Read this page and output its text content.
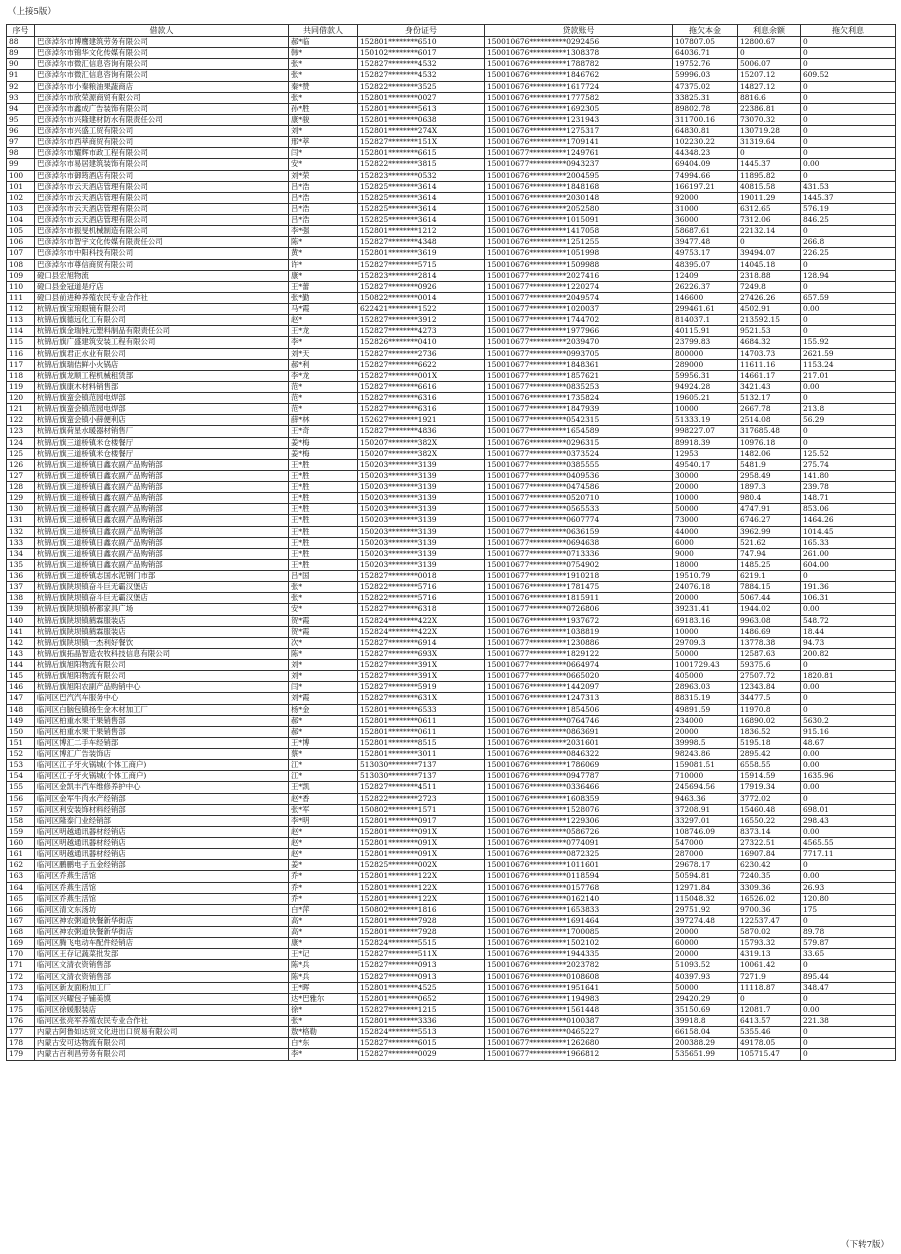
（上接5版）
序号	借款人	共同借款人	身份证号	贷款账号	拖欠本金	利息余额	拖欠利息
88	巴彦淖尔市博鹰建筑劳务有限公司	郝*临	152801********6510	150010676**********0292456	107807.05	12800.67	0
89	巴彦淖尔市锦华文化传媒有限公司	韩*	150102********6017	150010676**********1308378	64036.71	0	0
90	巴彦淖尔市微汇信息咨询有限公司	张*	152827********4532	150010676**********1788782	19752.76	5006.07	0
91	巴彦淖尔市微汇信息咨询有限公司	张*	152827********4532	150010676**********1846762	59996.03	15207.12	609.52
92	巴彦淖尔市小秦粮油果蔬商店	秦*赞	152822********3525	150010676**********1617724	47375.02	14827.12	0
93	巴彦淖尔市欣荣源商贸有限公司	张*	152801********0027	150010676**********1777582	33825.31	8816.6	0
94	巴彦淖尔市鑫成广告装饰有限公司	孙*胜	152801********5613	150010676**********1692305	89802.78	22386.81	0
95	巴彦淖尔市兴隆建材防水有限责任公司	康*骏	152801********0638	150010676**********1231943	311700.16	73070.32	0
96	巴彦淖尔市兴盛工贸有限公司	刘*	152801********274X	150010676**********1275317	64830.81	130719.28	0
97	巴彦淖尔市西萃商贸有限公司	邢*萃	152827********151X	150010676**********1709141	102230.22	31319.64	0
98	巴彦淖尔市耀辉市政工程有限公司	闫*	152801********6615	150010677**********1249761	44348.23	0	0
99	巴彦淖尔市易居建筑装饰有限公司	安*	152822********3815	150010677**********0943237	69404.09	1445.37	0.00
100	巴彦淖尔市御筠酒店有限公司	刘*荣	152823********0532	150010676**********2004595	74994.66	11895.82	0
101	巴彦淖尔市云天酒店管理有限公司	吕*浩	152825********3614	150010676**********1848168	166197.21	40815.58	431.53
102	巴彦淖尔市云天酒店管理有限公司	吕*浩	152825********3614	150010676**********2030148	92000	19011.29	1445.37
103	巴彦淖尔市云天酒店管理有限公司	吕*浩	152825********3614	150010676**********2052580	31000	6312.65	576.19
104	巴彦淖尔市云天酒店管理有限公司	吕*浩	152825********3614	150010676**********1015091	36000	7312.06	846.25
105	巴彦淖尔市振旻机械制造有限公司	李*强	152801********1212	150010676**********1417058	58687.61	22132.14	0
106	巴彦淖尔市智宇文化传媒有限责任公司	陈*	152827********4348	150010676**********1251255	39477.48	0	266.8
107	巴彦淖尔市中阳科技有限公司	黄*	152801********3619	150010676**********1051998	49753.17	39494.07	226.25
108	巴彦淖尔市尊信商贸有限公司	许*	152827********5715	150010676**********1509988	48395.07	14045.18	0
109	磴口县宏旭物流	康*	152823********2814	150010677**********2027416	12409	2318.88	128.94
110	磴口县金冠道是疗店	王*蕾	152827********0926	150010677**********1220274	26226.37	7249.8	0
111	磴口县前进种养殖农民专业合作社	张*勤	150822********0014	150010677**********2049574	146600	27426.26	657.59
112	杭锦后旗宝琅眼镜有限公司	马*霞	622421********1522	150010677**********1020037	299461.61	4502.91	0.00
113	杭锦后旗德远化工有限公司	赵*	152827********3912	150010677**********1744702	814037.1	213592.15	0
114	杭锦后旗金瑞钝元塑料制品有限责任公司	王*龙	152827********4273	150010677**********1977966	40115.91	9521.53	0
115	杭锦后旗广盛建筑安装工程有限公司	李*	152826********0410	150010677**********2039470	23799.83	4684.32	155.92
116	杭锦后旗君正水业有限公司	刘*天	152827********2736	150010677**********0993705	800000	14703.73	2621.59
117	杭锦后旗瑞佶鲜小火锅店	郝*利	152827********6622	150010677**********1848361	289000	11611.16	1153.24
118	杭锦后旗龙顺工程机械租赁部	李*龙	152827********001X	150010677**********1857621	59956.31	14661.17	217.01
119	杭锦后旗康木材料销售部	范*	152827********6616	150010677**********0835253	94924.28	3421.43	0.00
120	杭锦后旗蛮会镇范园电焊部	范*	152827********6316	150010676**********1735824	19605.21	5132.17	0
121	杭锦后旗蛮会镇范园电焊部	范*	152827********6316	150010677**********1847939	10000	2667.78	213.8
122	杭锦后旗蛮会镇小薛便利店	薛*林	152627********1921	150010677**********0542315	51333.19	2514.08	56.29
123	杭锦后旗荷星水暖器材销售厂	王*奇	152827********4836	150010677**********1654589	998227.07	317685.48	0
124	杭锦后旗三道桥镇米仓楼餐厅	姜*梅	150207********382X	150010676**********0296315	89918.39	10976.18	0
125	杭锦后旗三道桥镇米仓楼餐厅	姜*梅	150207********382X	150010677**********0373524	12953	1482.06	125.52
126	杭锦后旗三道桥镇日鑫农副产品购销部	王*胜	150203********3139	150010677**********0385555	49540.17	5481.9	275.74
127	杭锦后旗三道桥镇日鑫农副产品购销部	王*胜	150203********3139	150010677**********0409536	30000	2958.49	141.80
128	杭锦后旗三道桥镇日鑫农副产品购销部	王*胜	150203********3139	150010677**********0474586	20000	1897.3	239.78
129	杭锦后旗三道桥镇日鑫农副产品购销部	王*胜	150203********3139	150010677**********0520710	10000	980.4	148.71
130	杭锦后旗三道桥镇日鑫农副产品购销部	王*胜	150203********3139	150010677**********0565533	50000	4747.91	853.06
131	杭锦后旗三道桥镇日鑫农副产品购销部	王*胜	150203********3139	150010677**********0607774	73000	6746.27	1464.26
132	杭锦后旗三道桥镇日鑫农副产品购销部	王*胜	150203********3139	150010677**********0636159	44000	3962.99	1014.45
133	杭锦后旗三道桥镇日鑫农副产品购销部	王*胜	150203********3139	150010677**********0694638	6000	521.62	165.33
134	杭锦后旗三道桥镇日鑫农副产品购销部	王*胜	150203********3139	150010677**********0713336	9000	747.94	261.00
135	杭锦后旗三道桥镇日鑫农副产品购销部	王*胜	150203********3139	150010677**********0754902	18000	1485.25	604.00
136	杭锦后旗三道桥镇志国水泥钢门市部	吕*国	152827********0018	150010677**********1910218	19510.79	6219.1	0
137	杭锦后旗陕坝镇奋斗巨无霸汉堡店	张*	152822********5716	150010676**********1781475	24076.18	7884.15	191.36
138	杭锦后旗陕坝镇奋斗巨无霸汉堡店	张*	152822********5716	150010676**********1815911	20000	5067.44	106.31
139	杭锦后旗陕坝镇桥都家具广场	安*	152827********6318	150010677**********0726806	39231.41	1944.02	0.00
140	杭锦后旗陕坝镇鹤霖服装店	贺*霞	152824********422X	150010676**********1937672	69183.16	9963.08	548.72
141	杭锦后旗陕坝镇鹤霖服装店	贺*霞	152824********422X	150010676**********1038819	10000	1486.69	18.44
142	杭锦后旗陕坝镇一杰利好餐饮	次*	152827********6914	150010677**********1230886	29709.3	13778.38	94.73
143	杭锦后旗拓晶智造农牧科技信息有限公司	陈*	152827********693X	150010677**********1829122	50000	12587.63	200.82
144	杭锦后旗旭阳物流有限公司	刘*	152827********391X	150010677**********0664974	1001729.43	59375.6	0
145	杭锦后旗旭阳物流有限公司	刘*	152827********391X	150010677**********0665020	405000	27507.72	1820.81
146	杭锦后旗旭阳农副产品购销中心	闫*	152827********5919	150010676**********1442097	28963.03	12343.84	0.00
147	临河区巴汽汽车服务中心	刘*霞	152827********631X	150010676**********1247313	88315.19	34477.5	0
148	临河区白脑包镇扬生金木材加工厂	杨*金	152801********6533	150010676**********1854506	49891.59	11970.8	0
149	临河区柏重水果干果销售部	郝*	152801********0611	150010676**********0764746	234000	16890.02	5630.2
150	临河区柏重水果干果销售部	郝*	152801********0611	150010676**********0863691	20000	1836.52	915.16
151	临河区博汇二手车经销部	王*博	152801********8515	150010676**********2031601	39998.5	5195.18	48.67
152	临河区博汇广告装饰店	蔡*	152801********3011	150010676**********0846322	98243.86	2895.42	0.00
153	临河区江子牙火锅城(个体工商户)	江*	513030********7137	150010676**********1786069	159081.51	6558.55	0.00
154	临河区江子牙火锅城(个体工商户)	江*	513030********7137	150010676**********0947787	710000	15914.59	1635.96
155	临河区金凯丰汽车维修养护中心	王*凯	152827********4511	150010676**********0336466	245694.56	17919.34	0.00
156	临河区金军牛肉水产经销部	赵*香	152822********2723	150010676**********1608359	9463.36	3772.02	0
157	临河区利安装饰材料经销部	张*军	150802********1571	150010676**********1528076	37208.91	15460.48	698.01
158	临河区隆泰门业经销部	李*明	152801********0917	150010676**********1229306	33297.01	16550.22	298.43
159	临河区明越通讯器材经销店	赵*	152801********091X	150010676**********0586726	108746.09	8373.14	0.00
160	临河区明越通讯器材经销店	赵*	152801********091X	150010676**********0774091	547000	27322.51	4565.55
161	临河区明越通讯器材经销店	赵*	152801********091X	150010676**********0872325	287000	16907.84	7717.11
162	临河区鹏鹏电子五金经销部	姜*	152825********002X	150010676**********1011601	29678.17	6230.42	0
163	临河区乔燕生活馆	乔*	152801********122X	150010676**********0118594	50594.81	7240.35	0.00
164	临河区乔燕生活馆	乔*	152801********122X	150010676**********0157768	12971.84	3309.36	26.93
165	临河区乔燕生活馆	乔*	152801********122X	150010676**********0162140	115048.32	16526.02	120.80
166	临河区清文东汤坊	白*萍	150802********1816	150010676**********1653833	29751.92	9700.36	175
167	临河区神农粥道快餐新华街店	高*	152801********7928	150010676**********1691464	397274.48	122537.47	0
168	临河区神农粥道快餐新华街店	高*	152801********7928	150010676**********1700085	20000	5870.02	89.78
169	临河区腾飞电动车配件经销店	康*	152824********5515	150010676**********1502102	60000	15793.32	579.87
170	临河区王存记蔬菜批发部	王*记	152827********511X	150010676**********1944335	20000	4319.13	33.65
171	临河区文清衣资销售部	陈*兵	152827********0913	150010676**********2023782	51093.52	10061.42	0
172	临河区文清衣资销售部	陈*兵	152827********0913	150010676**********0108608	40397.93	7271.9	895.44
173	临河区新友面粉加工厂	王*晖	152801********4525	150010676**********1951641	50000	11118.87	348.47
174	临河区兴曜包子铺美馍	达*巴雅尔	152801********0652	150010676**********1194983	29420.29	0	0
175	临河区徐媛服装店	徐*	152827********1215	150010676**********1561448	35150.69	12081.7	0.00
176	临河区张亮军养殖农民专业合作社	张*	152801********3336	150010676**********0100387	39918.8	6413.57	221.38
177	内蒙古阿鲁如达贸文化进出口贸易有限公司	敖*格勒	152824********5513	150010676**********0465227	66158.04	5355.46	0
178	内蒙古安可达物流有限公司	白*东	152827********6015	150010677**********1262680	200388.29	49178.05	0
179	内蒙古百利昌劳务有限公司	李*	152827********0029	150010677**********1966812	535651.99	105715.47	0
（下转7版）
